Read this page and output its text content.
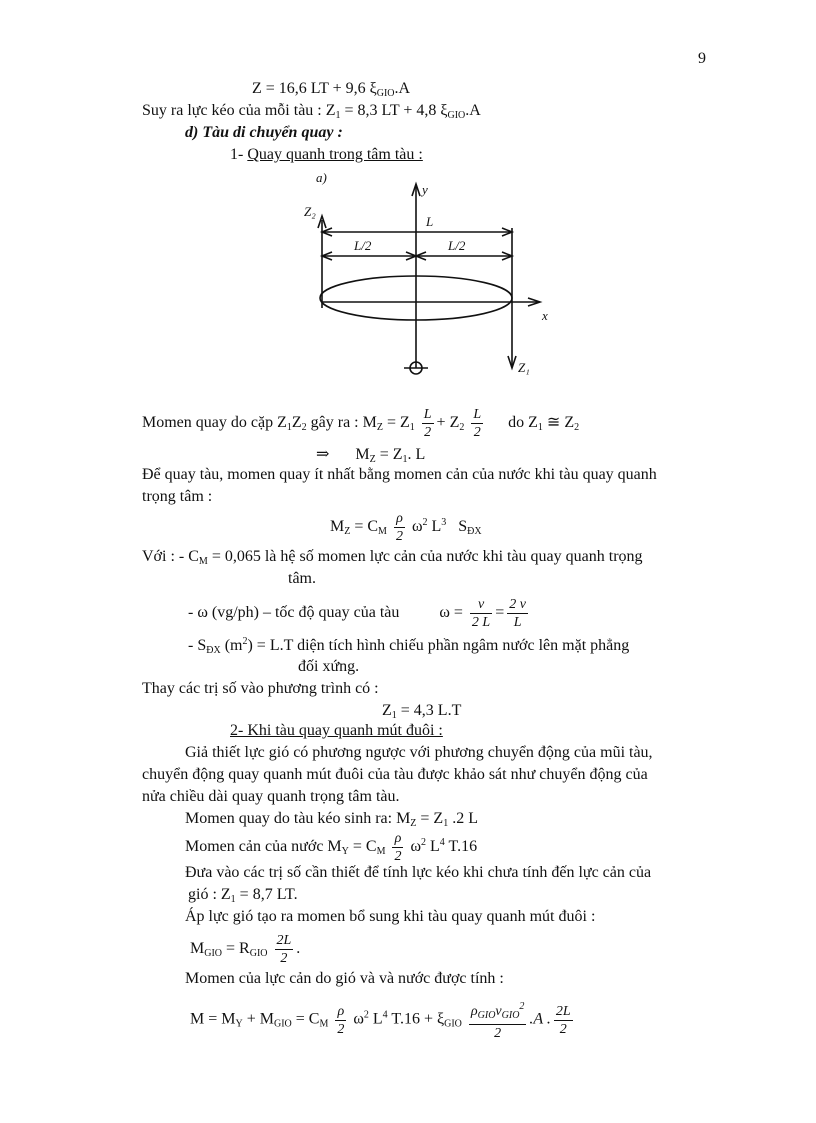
9
Z = 16,6 LT + 9,6 $\xi_{GIO}.A$
Suy ra lực kéo của mỗi tàu : $Z_1 = 8,3$ LT + 4,8 $\xi_{GIO}.A$
d) Tàu di chuyển quay :
1- Quay quanh trong tâm tàu :
a)
Z₂
y
L
L/2	L/2
x
Z₁
Momen quay do cặp $Z_1Z_2$ gây ra : $M_Z = Z_1 \frac{L}{2} + Z_2 \frac{L}{2}$ do $Z_1$ ≅ $Z_2$
⇒ $M_Z = Z_1$. L
Để quay tàu, momen quay ít nhất bằng momen cản của nước khi tàu quay quanh
trọng tâm :
$M_Z = C_M \frac{\rho}{2} \omega^2$ $L^3$ $S_{ĐX}$
Với : - $C_M = 0,065$ là hệ số momen lực cản của nước khi tàu quay quanh trọng
tâm.
- ω (vg/ph) – tốc độ quay của tàu	$\omega = \frac{v}{2 L} = \frac{2 v}{L}$
- $S_{ĐX}$ $(m^2) = L.T$ diện tích hình chiếu phần ngâm nước lên mặt phẳng
đối xứng.
Thay các trị số vào phương trình có :
$Z_1 = 4,3$ L.T
2- Khi tàu quay quanh mút đuôi :
Giả thiết lực gió có phương ngược với phương chuyển động của mũi tàu,
chuyển động quay quanh mút đuôi của tàu được khảo sát như chuyển động của
nửa chiều dài quay quanh trọng tâm tàu.
Momen quay do tàu kéo sinh ra: $M_Z = Z_1$ .2 L
Momen cản của nước $M_Y = C_M \frac{\rho}{2} \omega^2$ $L^4$ T.16
Đưa vào các trị số cần thiết để tính lực kéo khi chưa tính đến lực cản của
gió : $Z_1 = 8,7$ LT.
Áp lực gió tạo ra momen bổ sung khi tàu quay quanh mút đuôi :
$M_{GIO} = R_{GIO} \frac{2L}{2}$ .
Momen của lực cản do gió và và nước được tính :
$M = M_Y + M_{GIO} = C_M \frac{\rho}{2} \omega^2$ $L^4$ $T.16 + \xi_{GIO} \frac{\rho_{GIO}v_{GIO}^2}{2} .A$ . $\frac{2L}{2}$
